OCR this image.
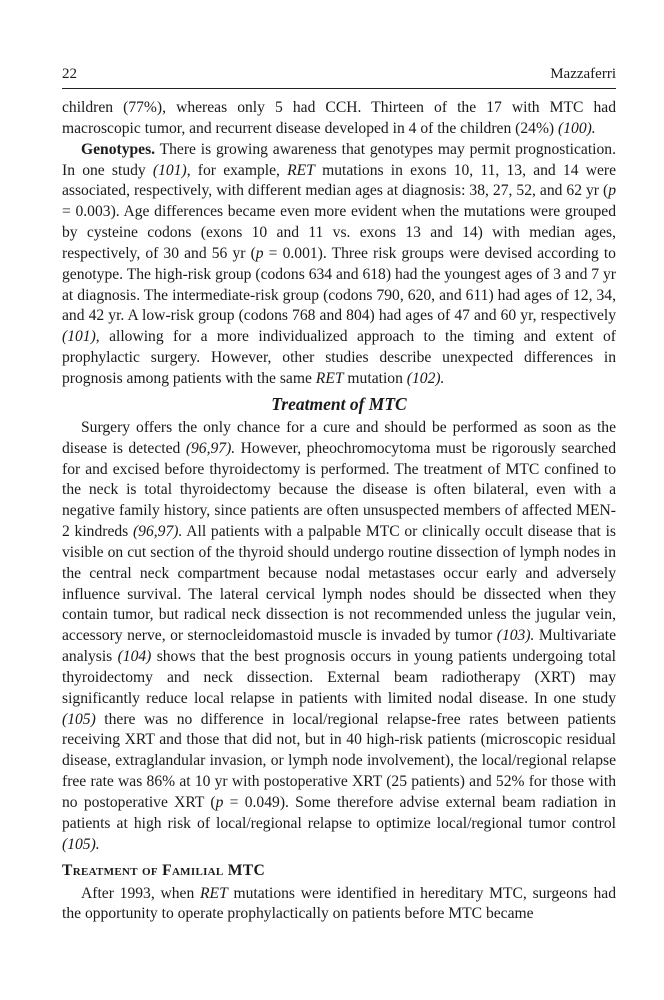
22	Mazzaferri

children (77%), whereas only 5 had CCH. Thirteen of the 17 with MTC had macroscopic tumor, and recurrent disease developed in 4 of the children (24%) (100).

Genotypes. There is growing awareness that genotypes may permit prognostication. In one study (101), for example, RET mutations in exons 10, 11, 13, and 14 were associated, respectively, with different median ages at diagnosis: 38, 27, 52, and 62 yr (p = 0.003). Age differences became even more evident when the mutations were grouped by cysteine codons (exons 10 and 11 vs. exons 13 and 14) with median ages, respectively, of 30 and 56 yr (p = 0.001). Three risk groups were devised according to genotype. The high-risk group (codons 634 and 618) had the youngest ages of 3 and 7 yr at diagnosis. The intermediate-risk group (codons 790, 620, and 611) had ages of 12, 34, and 42 yr. A low-risk group (codons 768 and 804) had ages of 47 and 60 yr, respectively (101), allowing for a more individualized approach to the timing and extent of prophylactic surgery. However, other studies describe unexpected differences in prognosis among patients with the same RET mutation (102).

Treatment of MTC

Surgery offers the only chance for a cure and should be performed as soon as the disease is detected (96,97). However, pheochromocytoma must be rigorously searched for and excised before thyroidectomy is performed. The treatment of MTC confined to the neck is total thyroidectomy because the disease is often bilateral, even with a negative family history, since patients are often unsuspected members of affected MEN-2 kindreds (96,97). All patients with a palpable MTC or clinically occult disease that is visible on cut section of the thyroid should undergo routine dissection of lymph nodes in the central neck compartment because nodal metastases occur early and adversely influence survival. The lateral cervical lymph nodes should be dissected when they contain tumor, but radical neck dissection is not recommended unless the jugular vein, accessory nerve, or sternocleidomastoid muscle is invaded by tumor (103). Multivariate analysis (104) shows that the best prognosis occurs in young patients undergoing total thyroidectomy and neck dissection. External beam radiotherapy (XRT) may significantly reduce local relapse in patients with limited nodal disease. In one study (105) there was no difference in local/regional relapse-free rates between patients receiving XRT and those that did not, but in 40 high-risk patients (microscopic residual disease, extraglandular invasion, or lymph node involvement), the local/regional relapse free rate was 86% at 10 yr with postoperative XRT (25 patients) and 52% for those with no postoperative XRT (p = 0.049). Some therefore advise external beam radiation in patients at high risk of local/regional relapse to optimize local/regional tumor control (105).

Treatment of Familial MTC

After 1993, when RET mutations were identified in hereditary MTC, surgeons had the opportunity to operate prophylactically on patients before MTC became
